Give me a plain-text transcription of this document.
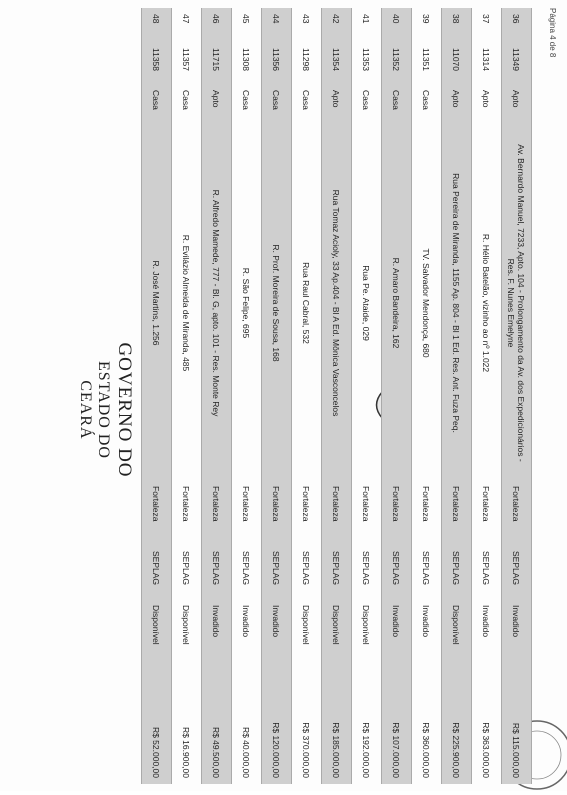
Página 4 de 8
GOVERNO DO
ESTADO DO CEARÁ
36
11349
Apto
Av. Bernardo Manuel, 7233, Apto. 104 - Prolongamento da Av. dos Expedicionários - Res. F. Nunes Emelyne
Fortaleza
SEPLAG
Invadido
R$ 115.000,00
37
11314
Apto
R. Hélio Batelão, vizinho ao nº 1.022
Fortaleza
SEPLAG
Invadido
R$ 363.000,00
38
11070
Apto
Rua Pereira de Miranda, 1155 Ap. 804 - Bl 1 Ed. Res. Ant. Fuza Peq.
Fortaleza
SEPLAG
Disponível
R$ 225.900,00
39
11351
Casa
TV. Salvador Mendonça, 680
Fortaleza
SEPLAG
Invadido
R$ 360.000,00
40
11352
Casa
R. Amaro Bandeira, 162
Fortaleza
SEPLAG
Invadido
R$ 107.000,00
41
11353
Casa
Rua Pe. Ataide, 029
Fortaleza
SEPLAG
Disponível
R$ 192.000,00
42
11354
Apto
Rua Tomaz Acioly, 33 Ap.404 - Bl A Ed. Mônica Vasconcelos
Fortaleza
SEPLAG
Disponível
R$ 185.000,00
43
11298
Casa
Rua Raul Cabral, 532
Fortaleza
SEPLAG
Disponível
R$ 370.000,00
44
11356
Casa
R. Prof. Moreira de Sousa, 168
Fortaleza
SEPLAG
Invadido
R$ 120.000,00
45
11308
Casa
R. São Felipe, 695
Fortaleza
SEPLAG
Invadido
R$ 40.000,00
46
11715
Apto
R. Alfredo Mamede, 777 - Bl. G, apto. 101 - Res. Monte Rey
Fortaleza
SEPLAG
Invadido
R$ 49.500,00
47
11357
Casa
R. Evilázio Almeida de Miranda, 485
Fortaleza
SEPLAG
Disponível
R$ 16.900,00
48
11358
Casa
R. José Martins, 1.256
Fortaleza
SEPLAG
Disponível
R$ 52.000,00
